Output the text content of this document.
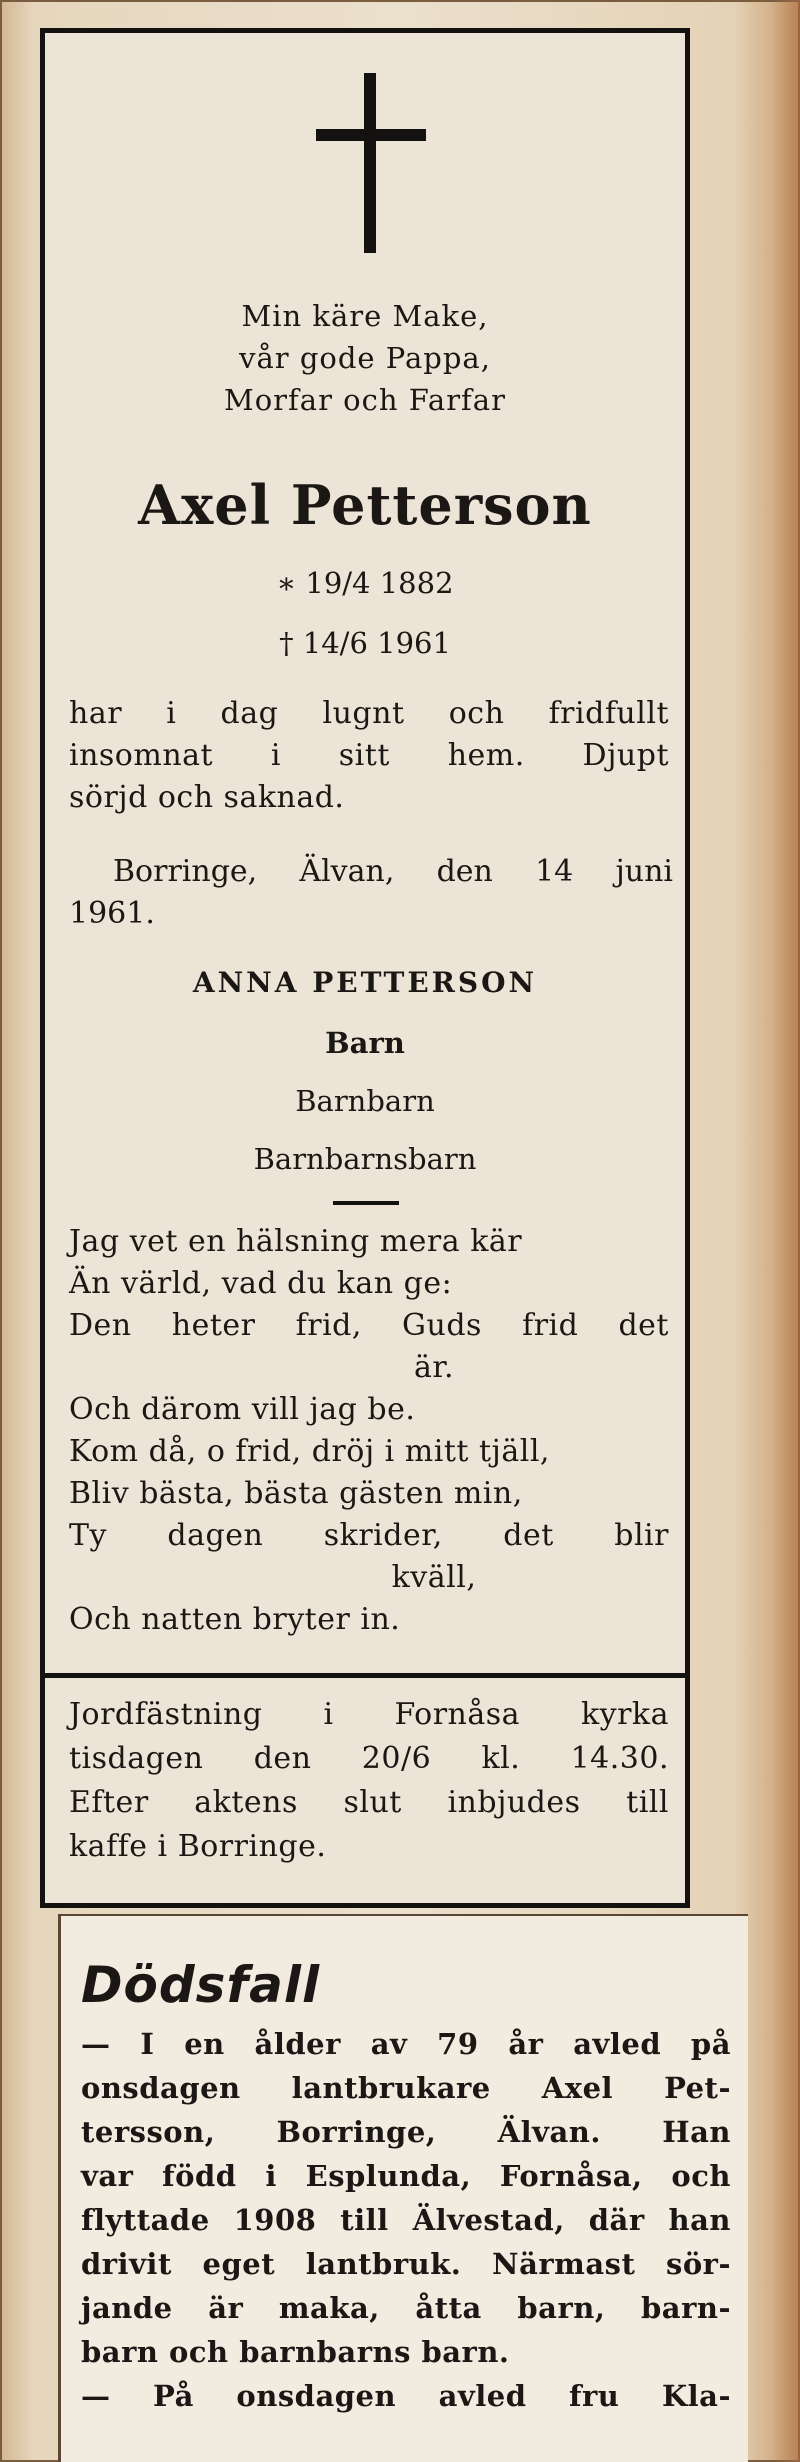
Min käre Make,
vår gode Pappa,
Morfar och Farfar
Axel Petterson
∗ 19/4 1882
† 14/6 1961
har i dag lugnt och fridfullt
insomnat i sitt hem. Djupt
sörjd och saknad.
Borringe, Älvan, den 14 juni
1961.
ANNA PETTERSON
Barn
Barnbarn
Barnbarnsbarn
Jag vet en hälsning mera kär
Än värld, vad du kan ge:
Den heter frid, Guds frid det
är.
Och därom vill jag be.
Kom då, o frid, dröj i mitt tjäll,
Bliv bästa, bästa gästen min,
Ty dagen skrider, det blir
kväll,
Och natten bryter in.
Jordfästning i Fornåsa kyrka
tisdagen den 20/6 kl. 14.30.
Efter aktens slut inbjudes till
kaffe i Borringe.
Dödsfall
— I en ålder av 79 år avled på
onsdagen lantbrukare Axel Pet-
tersson, Borringe, Älvan. Han
var född i Esplunda, Fornåsa, och
flyttade 1908 till Älvestad, där han
drivit eget lantbruk. Närmast sör-
jande är maka, åtta barn, barn-
barn och barnbarns barn.
— På onsdagen avled fru Kla-
